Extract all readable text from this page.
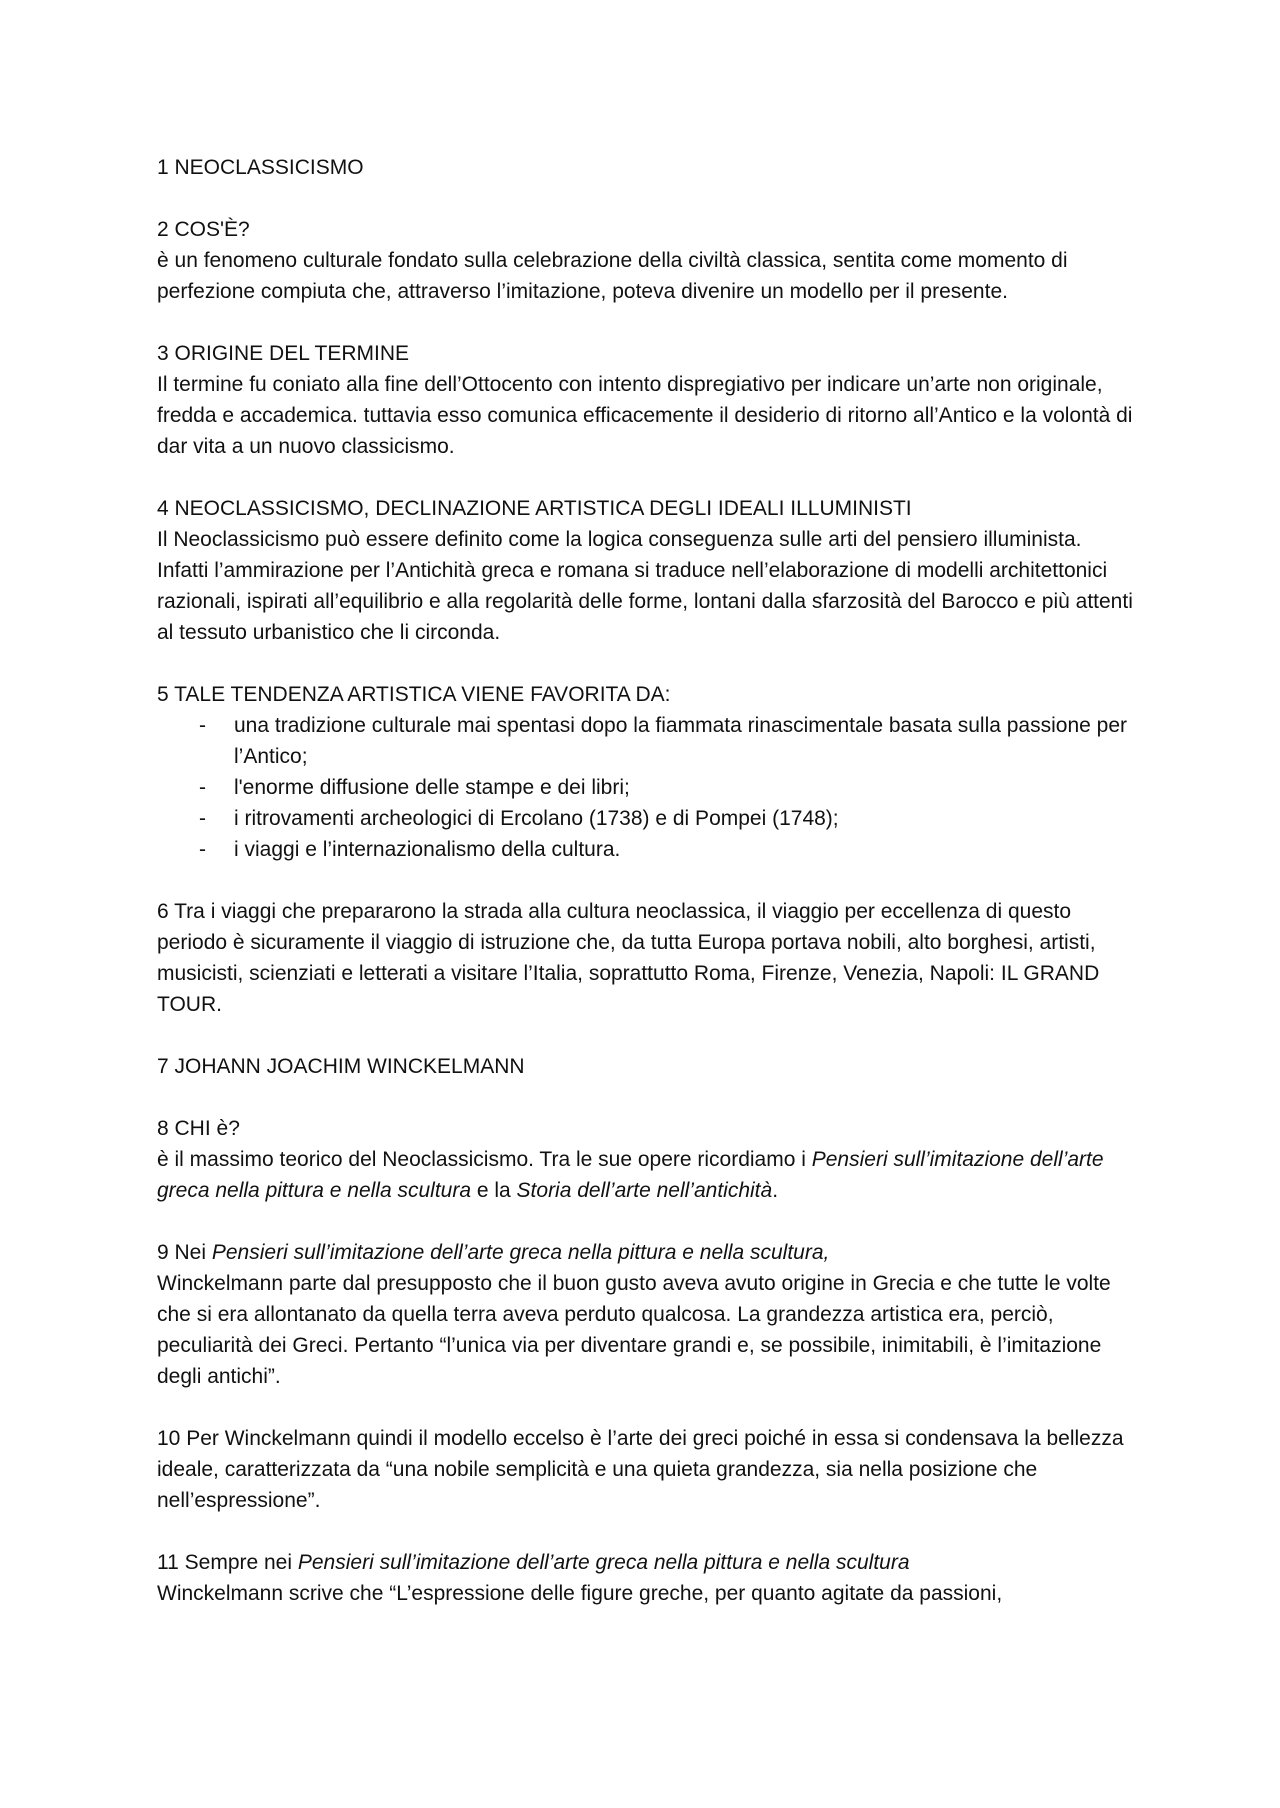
1 NEOCLASSICISMO

2 COS'È?

è un fenomeno culturale fondato sulla celebrazione della civiltà classica, sentita come momento di perfezione compiuta che, attraverso l’imitazione, poteva divenire un modello per il presente.

3 ORIGINE DEL TERMINE

Il termine fu coniato alla fine dell’Ottocento con intento dispregiativo per indicare un’arte non originale, fredda e accademica. tuttavia esso comunica efficacemente il desiderio di ritorno all’Antico e la volontà di dar vita a un nuovo classicismo.

4 NEOCLASSICISMO, DECLINAZIONE ARTISTICA DEGLI IDEALI ILLUMINISTI

Il Neoclassicismo può essere definito come la logica conseguenza sulle arti del pensiero illuminista. Infatti l’ammirazione per l’Antichità greca e romana si traduce nell’elaborazione di modelli architettonici razionali, ispirati all’equilibrio e alla regolarità delle forme, lontani dalla sfarzosità del Barocco e più attenti al tessuto urbanistico che li circonda.

5 TALE TENDENZA ARTISTICA VIENE FAVORITA DA:

- una tradizione culturale mai spentasi dopo la fiammata rinascimentale basata sulla passione per l’Antico;
- l'enorme diffusione delle stampe e dei libri;
- i ritrovamenti archeologici di Ercolano (1738) e di Pompei (1748);
- i viaggi e l’internazionalismo della cultura.

6 Tra i viaggi che prepararono la strada alla cultura neoclassica, il viaggio per eccellenza di questo periodo è sicuramente il viaggio di istruzione che, da tutta Europa portava nobili, alto borghesi, artisti, musicisti, scienziati e letterati a visitare l’Italia, soprattutto Roma, Firenze, Venezia, Napoli: IL GRAND TOUR.

7 JOHANN JOACHIM WINCKELMANN

8 CHI è?

è il massimo teorico del Neoclassicismo. Tra le sue opere ricordiamo i Pensieri sull’imitazione dell’arte greca nella pittura e nella scultura e la Storia dell’arte nell’antichità.

9 Nei Pensieri sull’imitazione dell’arte greca nella pittura e nella scultura,

Winckelmann parte dal presupposto che il buon gusto aveva avuto origine in Grecia e che tutte le volte che si era allontanato da quella terra aveva perduto qualcosa. La grandezza artistica era, perciò, peculiarità dei Greci. Pertanto “l’unica via per diventare grandi e, se possibile, inimitabili, è l’imitazione degli antichi”.

10 Per Winckelmann quindi il modello eccelso è l’arte dei greci poiché in essa si condensava la bellezza ideale, caratterizzata da “una nobile semplicità e una quieta grandezza, sia nella posizione che nell’espressione”.

11 Sempre nei Pensieri sull’imitazione dell’arte greca nella pittura e nella scultura

Winckelmann scrive che “L’espressione delle figure greche, per quanto agitate da passioni,
